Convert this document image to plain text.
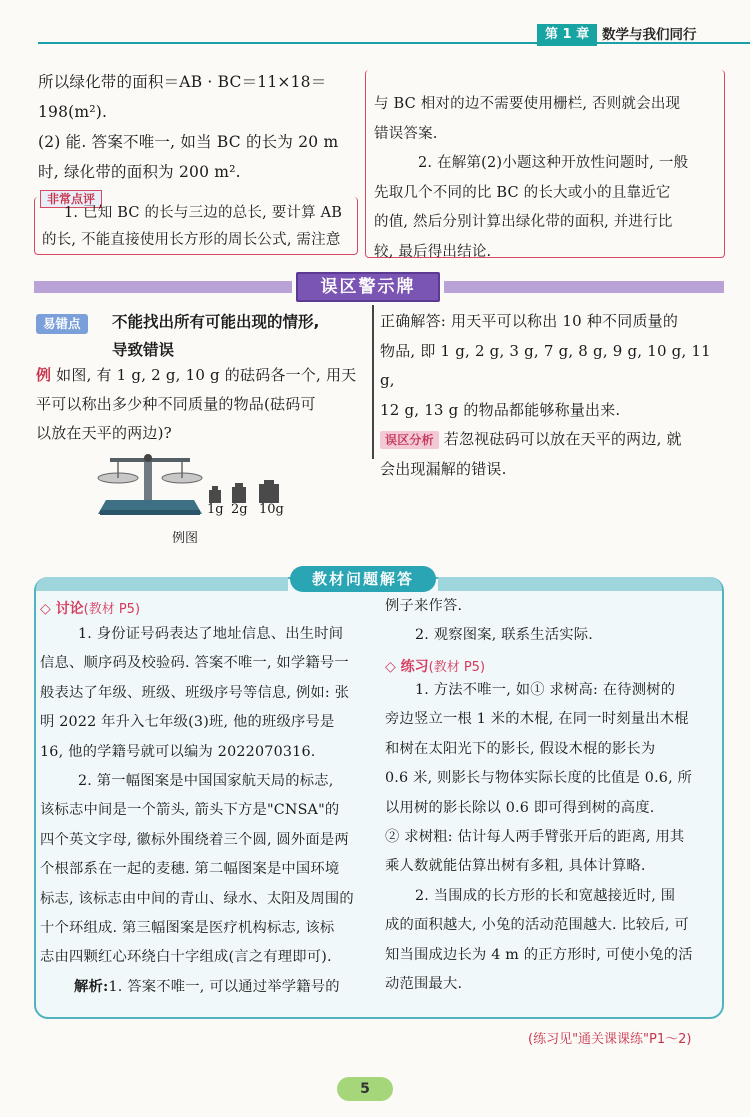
第 1 章 数学与我们同行
所以绿化带的面积＝AB · BC＝11×18＝
198(m²).
(2) 能. 答案不唯一, 如当 BC 的长为 20 m
时, 绿化带的面积为 200 m².
非常点评
1. 已知 BC 的长与三边的总长, 要计算 AB
的长, 不能直接使用长方形的周长公式, 需注意
与 BC 相对的边不需要使用栅栏, 否则就会出现
错误答案.
2. 在解第(2)小题这种开放性问题时, 一般
先取几个不同的比 BC 的长大或小的且靠近它
的值, 然后分别计算出绿化带的面积, 并进行比
较, 最后得出结论.
误区警示牌
易错点	不能找出所有可能出现的情形,
导致错误
例 如图, 有 1 g, 2 g, 10 g 的砝码各一个, 用天
平可以称出多少种不同质量的物品(砝码可
以放在天平的两边)?
1g 2g 10g
例图
正确解答: 用天平可以称出 10 种不同质量的
物品, 即 1 g, 2 g, 3 g, 7 g, 8 g, 9 g, 10 g, 11 g,
12 g, 13 g 的物品都能够称量出来.
误区分析 若忽视砝码可以放在天平的两边, 就
会出现漏解的错误.
教材问题解答
◇ 讨论(教材 P5)
1. 身份证号码表达了地址信息、出生时间
信息、顺序码及校验码. 答案不唯一, 如学籍号一
般表达了年级、班级、班级序号等信息, 例如: 张
明 2022 年升入七年级(3)班, 他的班级序号是
16, 他的学籍号就可以编为 2022070316.
2. 第一幅图案是中国国家航天局的标志,
该标志中间是一个箭头, 箭头下方是"CNSA"的
四个英文字母, 徽标外围绕着三个圆, 圆外面是两
个根部系在一起的麦穗. 第二幅图案是中国环境
标志, 该标志由中间的青山、绿水、太阳及周围的
十个环组成. 第三幅图案是医疗机构标志, 该标
志由四颗红心环绕白十字组成(言之有理即可).
解析:1. 答案不唯一, 可以通过举学籍号的
例子来作答.
2. 观察图案, 联系生活实际.
◇ 练习(教材 P5)
1. 方法不唯一, 如① 求树高: 在待测树的
旁边竖立一根 1 米的木棍, 在同一时刻量出木棍
和树在太阳光下的影长, 假设木棍的影长为
0.6 米, 则影长与物体实际长度的比值是 0.6, 所
以用树的影长除以 0.6 即可得到树的高度.
② 求树粗: 估计每人两手臂张开后的距离, 用其
乘人数就能估算出树有多粗, 具体计算略.
2. 当围成的长方形的长和宽越接近时, 围
成的面积越大, 小兔的活动范围越大. 比较后, 可
知当围成边长为 4 m 的正方形时, 可使小兔的活
动范围最大.
(练习见"通关课课练"P1～2)
5
